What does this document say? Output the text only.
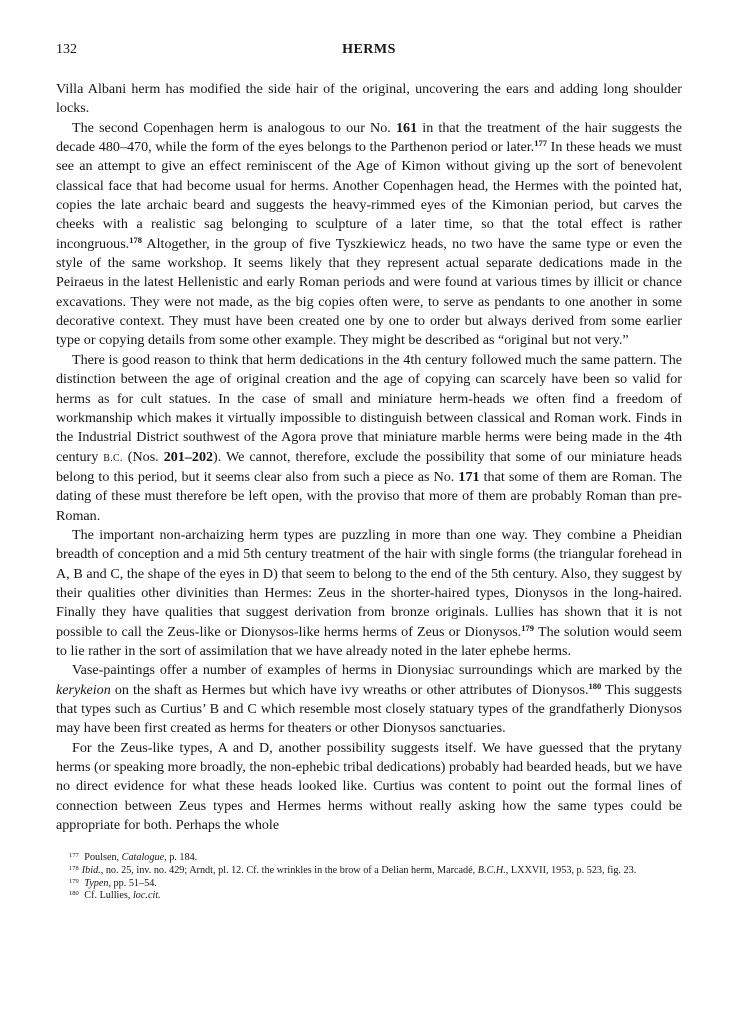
132	HERMS

Villa Albani herm has modified the side hair of the original, uncovering the ears and adding long shoulder locks.

The second Copenhagen herm is analogous to our No. 161 in that the treatment of the hair suggests the decade 480–470, while the form of the eyes belongs to the Parthenon period or later.$^{177}$ In these heads we must see an attempt to give an effect reminiscent of the Age of Kimon without giving up the sort of benevolent classical face that had become usual for herms. Another Copenhagen head, the Hermes with the pointed hat, copies the late archaic beard and suggests the heavy-rimmed eyes of the Kimonian period, but carves the cheeks with a realistic sag belonging to sculpture of a later time, so that the total effect is rather incongruous.$^{178}$ Altogether, in the group of five Tyszkiewicz heads, no two have the same type or even the style of the same workshop. It seems likely that they represent actual separate dedications made in the Peiraeus in the latest Hellenistic and early Roman periods and were found at various times by illicit or chance excavations. They were not made, as the big copies often were, to serve as pendants to one another in some decorative context. They must have been created one by one to order but always derived from some earlier type or copying details from some other example. They might be described as “original but not very.”

There is good reason to think that herm dedications in the 4th century followed much the same pattern. The distinction between the age of original creation and the age of copying can scarcely have been so valid for herms as for cult statues. In the case of small and miniature herm-heads we often find a freedom of workmanship which makes it virtually impossible to distinguish between classical and Roman work. Finds in the Industrial District southwest of the Agora prove that miniature marble herms were being made in the 4th century B.C. (Nos. 201–202). We cannot, therefore, exclude the possibility that some of our miniature heads belong to this period, but it seems clear also from such a piece as No. 171 that some of them are Roman. The dating of these must therefore be left open, with the proviso that more of them are probably Roman than pre-Roman.

The important non-archaizing herm types are puzzling in more than one way. They combine a Pheidian breadth of conception and a mid 5th century treatment of the hair with single forms (the triangular forehead in A, B and C, the shape of the eyes in D) that seem to belong to the end of the 5th century. Also, they suggest by their qualities other divinities than Hermes: Zeus in the shorter-haired types, Dionysos in the long-haired. Finally they have qualities that suggest derivation from bronze originals. Lullies has shown that it is not possible to call the Zeus-like or Dionysos-like herms herms of Zeus or Dionysos.$^{179}$ The solution would seem to lie rather in the sort of assimilation that we have already noted in the later ephebe herms.

Vase-paintings offer a number of examples of herms in Dionysiac surroundings which are marked by the kerykeion on the shaft as Hermes but which have ivy wreaths or other attributes of Dionysos.$^{180}$ This suggests that types such as Curtius’ B and C which resemble most closely statuary types of the grandfatherly Dionysos may have been first created as herms for theaters or other Dionysos sanctuaries.

For the Zeus-like types, A and D, another possibility suggests itself. We have guessed that the prytany herms (or speaking more broadly, the non-ephebic tribal dedications) probably had bearded heads, but we have no direct evidence for what these heads looked like. Curtius was content to point out the formal lines of connection between Zeus types and Hermes herms without really asking how the same types could be appropriate for both. Perhaps the whole

$^{177}$ Poulsen, Catalogue, p. 184.

$^{178}$ Ibid., no. 25, inv. no. 429; Arndt, pl. 12. Cf. the wrinkles in the brow of a Delian herm, Marcadé, B.C.H., LXXVII, 1953, p. 523, fig. 23.

$^{179}$ Typen, pp. 51–54.

$^{180}$ Cf. Lullies, loc.cit.
